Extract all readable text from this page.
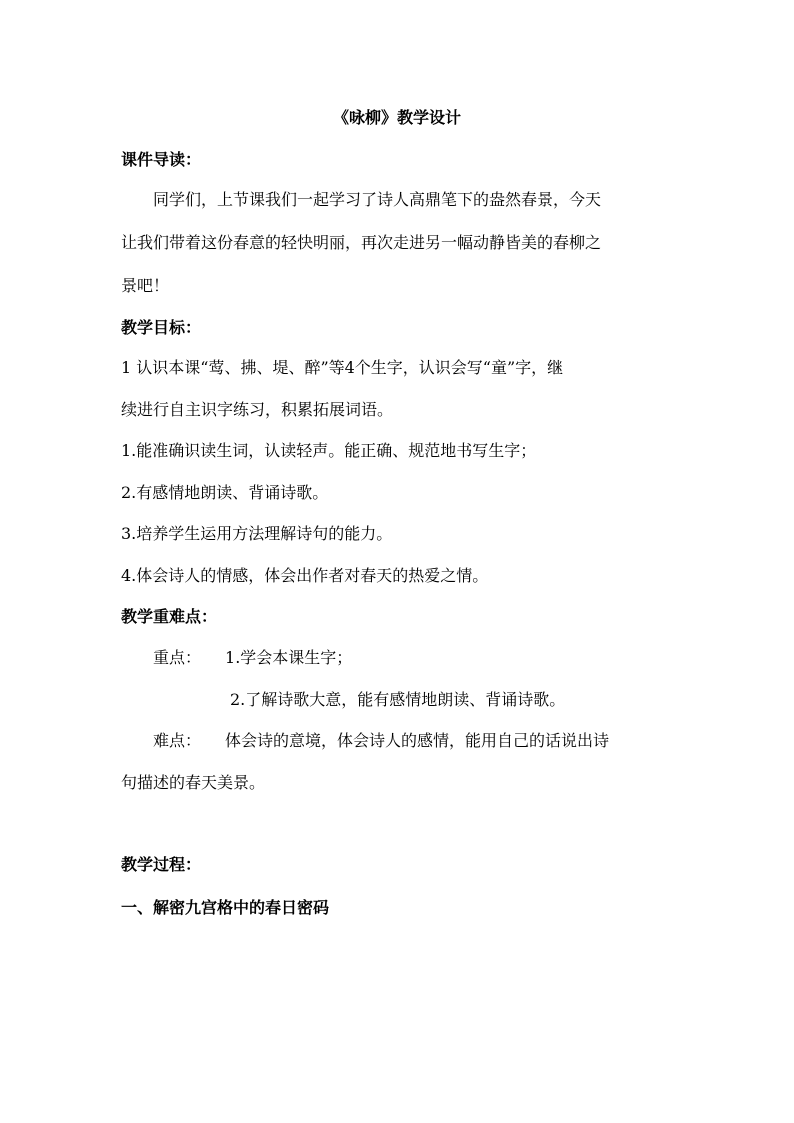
《咏柳》教学设计
课件导读：
同学们，上节课我们一起学习了诗人高鼎笔下的盎然春景，今天
让我们带着这份春意的轻快明丽，再次走进另一幅动静皆美的春柳之
景吧！
教学目标：
1 认识本课“莺、拂、堤、醉”等4个生字，认识会写“童”字，继
续进行自主识字练习，积累拓展词语。
1.能准确识读生词，认读轻声。能正确、规范地书写生字；
2.有感情地朗读、背诵诗歌。
3.培养学生运用方法理解诗句的能力。
4.体会诗人的情感，体会出作者对春天的热爱之情。
教学重难点：
重点： 1.学会本课生字；
2.了解诗歌大意，能有感情地朗读、背诵诗歌。
难点： 体会诗的意境，体会诗人的感情，能用自己的话说出诗
句描述的春天美景。
教学过程：
一、解密九宫格中的春日密码
